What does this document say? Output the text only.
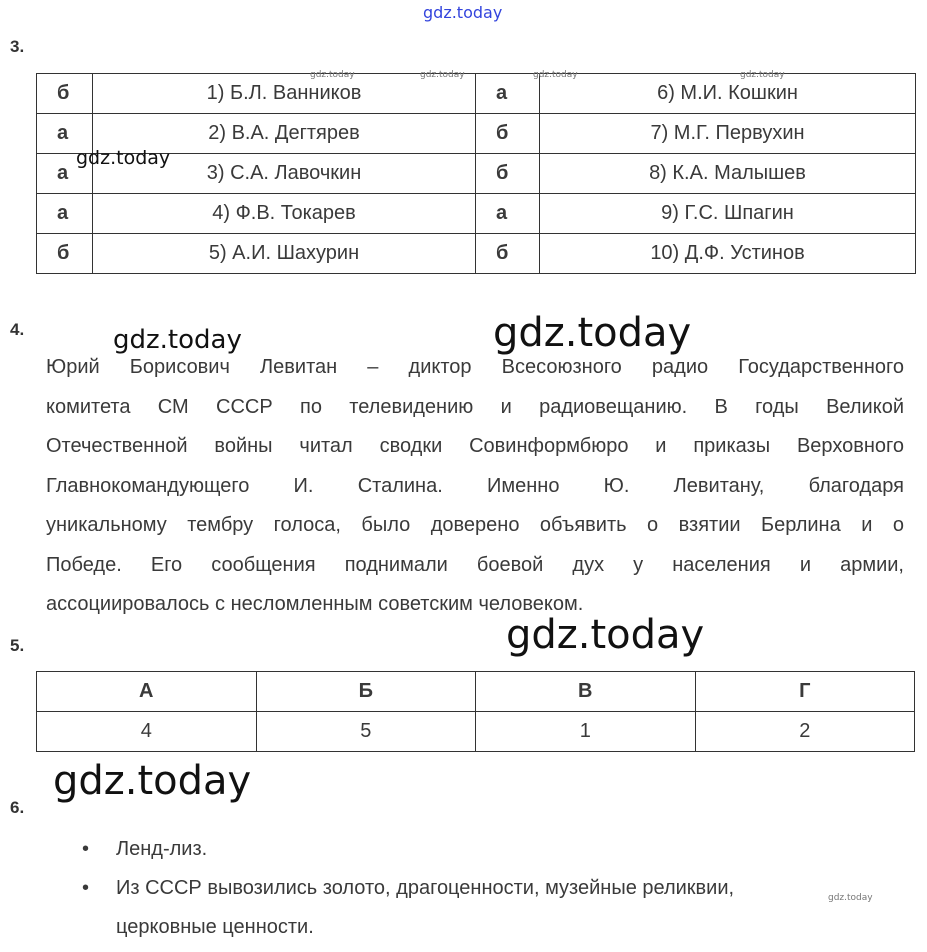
gdz.today
3.
б	1) Б.Л. Ванников	а	6) М.И. Кошкин
а	2) В.А. Дегтярев	б	7) М.Г. Первухин
а	3) С.А. Лавочкин	б	8) К.А. Малышев
а	4) Ф.В. Токарев	а	9) Г.С. Шпагин
б	5) А.И. Шахурин	б	10) Д.Ф. Устинов
gdz.today	gdz.today	gdz.today	gdz.today
gdz.today
4.	gdz.today	gdz.today
Юрий Борисович Левитан – диктор Всесоюзного радио Государственного
комитета СМ СССР по телевидению и радиовещанию. В годы Великой
Отечественной войны читал сводки Совинформбюро и приказы Верховного
Главнокомандующего И. Сталина. Именно Ю. Левитану, благодаря
уникальному тембру голоса, было доверено объявить о взятии Берлина и о
Победе. Его сообщения поднимали боевой дух у населения и армии,
ассоциировалось с несломленным советским человеком.
5.	gdz.today
А	Б	В	Г
4	5	1	2
gdz.today
6.
• Ленд-лиз.
• Из СССР вывозились золото, драгоценности, музейные реликвии,
церковные ценности.
gdz.today
